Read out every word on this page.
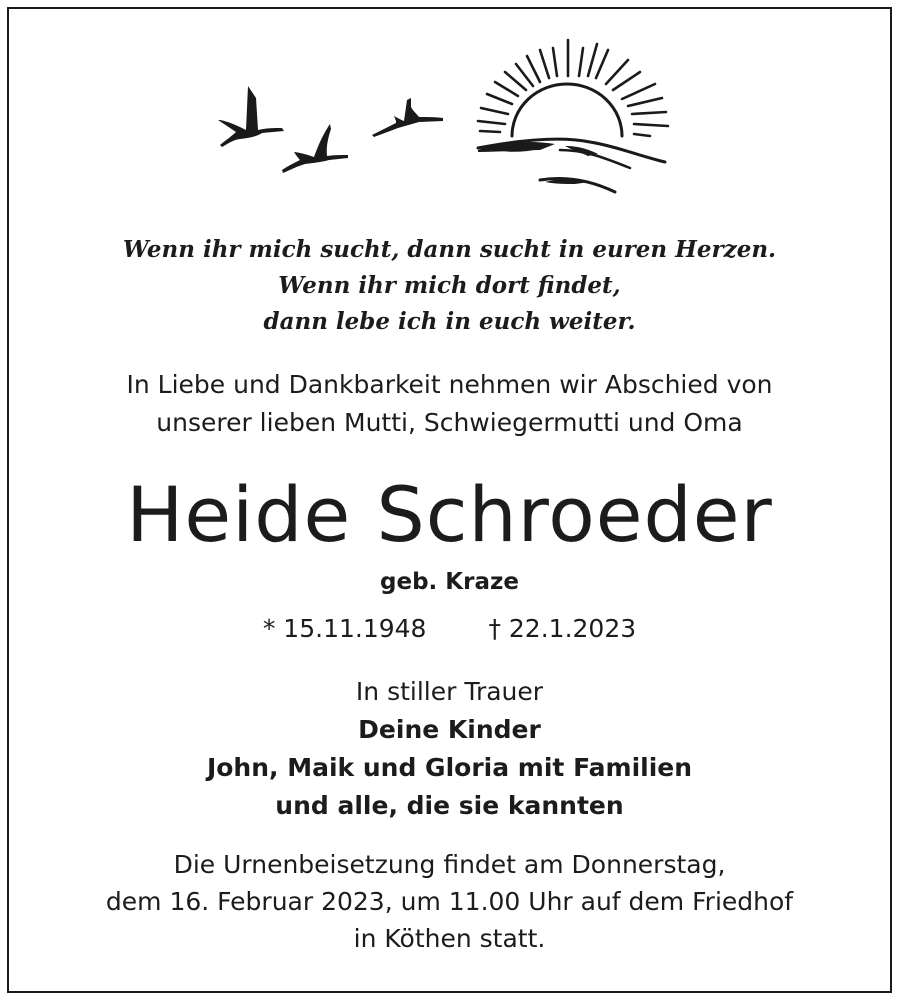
Wenn ihr mich sucht, dann sucht in euren Herzen.
Wenn ihr mich dort findet,
dann lebe ich in euch weiter.
In Liebe und Dankbarkeit nehmen wir Abschied von
unserer lieben Mutti, Schwiegermutti und Oma
Heide Schroeder
geb. Kraze
* 15.11.1948 † 22.1.2023
In stiller Trauer
Deine Kinder
John, Maik und Gloria mit Familien
und alle, die sie kannten
Die Urnenbeisetzung findet am Donnerstag,
dem 16. Februar 2023, um 11.00 Uhr auf dem Friedhof
in Köthen statt.
